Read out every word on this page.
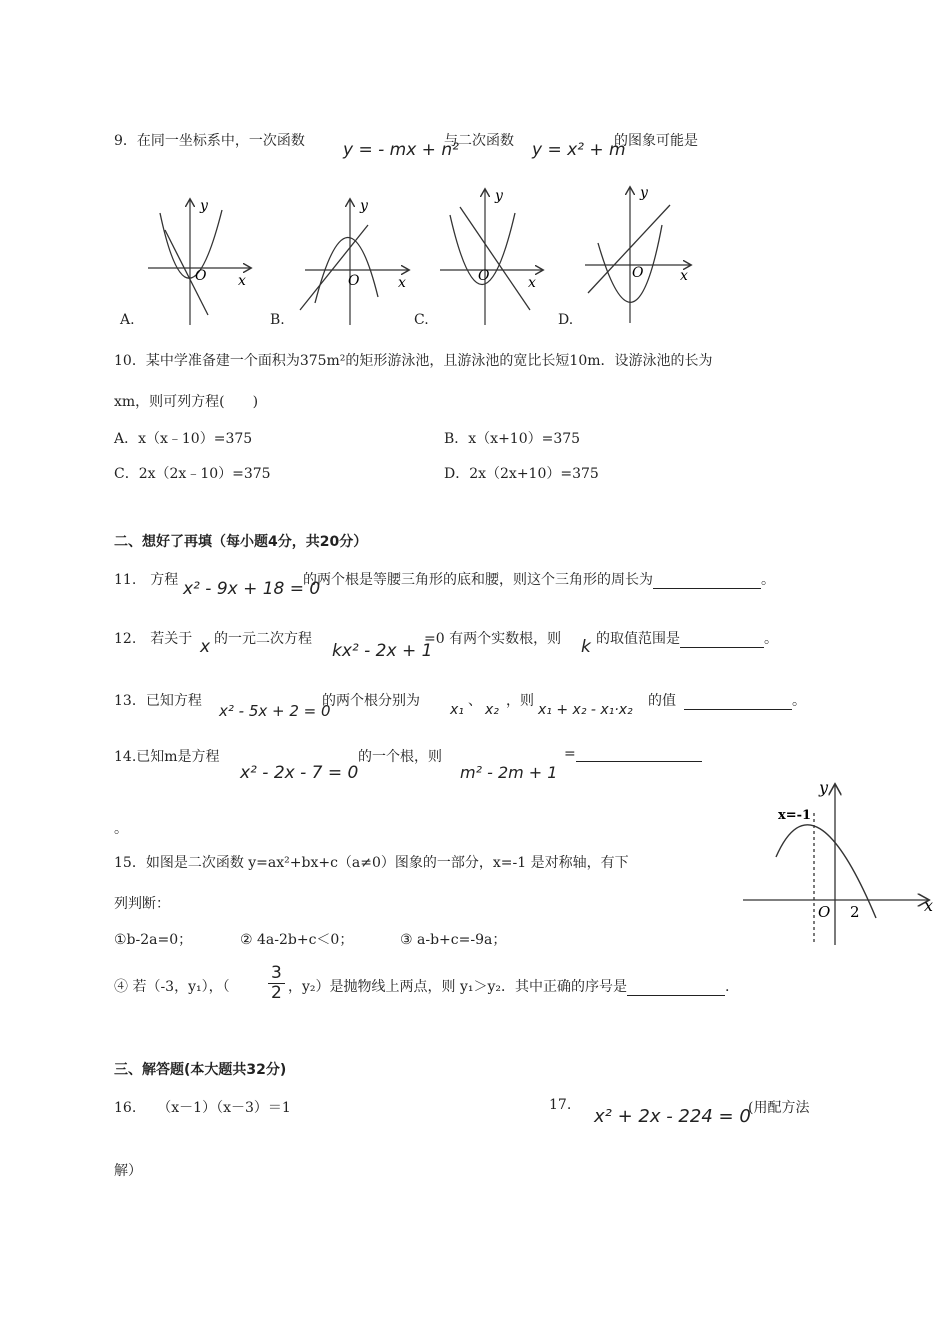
9．在同一坐标系中，一次函数 y = - mx + n²
与二次函数 y = x² + m
的图象可能是
y
x
O
y
x
O
y
x
O
y
x
O
A.	B.	C.	D.
10．某中学准备建一个面积为375m²的矩形游泳池，且游泳池的宽比长短10m．设游泳池的长为
xm，则可列方程(　　)
A．x（x﹣10）=375	B．x（x+10）=375
C．2x（2x﹣10）=375	D．2x（2x+10）=375
二、想好了再填（每小题4分，共20分）
11.　方程 x² - 9x + 18 = 0
的两个根是等腰三角形的底和腰，则这个三角形的周长为	。
12.　若关于 x 的一元二次方程
kx² - 2x + 1
=0 有两个实数根，则 k 的取值范围是	。
13．已知方程
x² - 5x + 2 = 0
的两个根分别为
x₁
、
x₂
，则
x₁ + x₂ - x₁·x₂
的值	。
14.已知m是方程
x² - 2x - 7 = 0
的一个根，则
m² - 2m + 1
=
。
x=-1
y
x
O 2
15．如图是二次函数 y=ax²+bx+c（a≠0）图象的一部分，x=-1 是对称轴，有下
列判断：
①b-2a=0；	② 4a-2b+c＜0；	③ a-b+c=-9a；
④ 若（-3，y₁），（ $\frac{3}{2}$ ，y₂）是抛物线上两点，则 y₁＞y₂．其中正确的序号是	.
三、解答题(本大题共32分)
16.　　（x－1）（x－3）＝1	17.
x² + 2x - 224 = 0
(用配方法
解）
